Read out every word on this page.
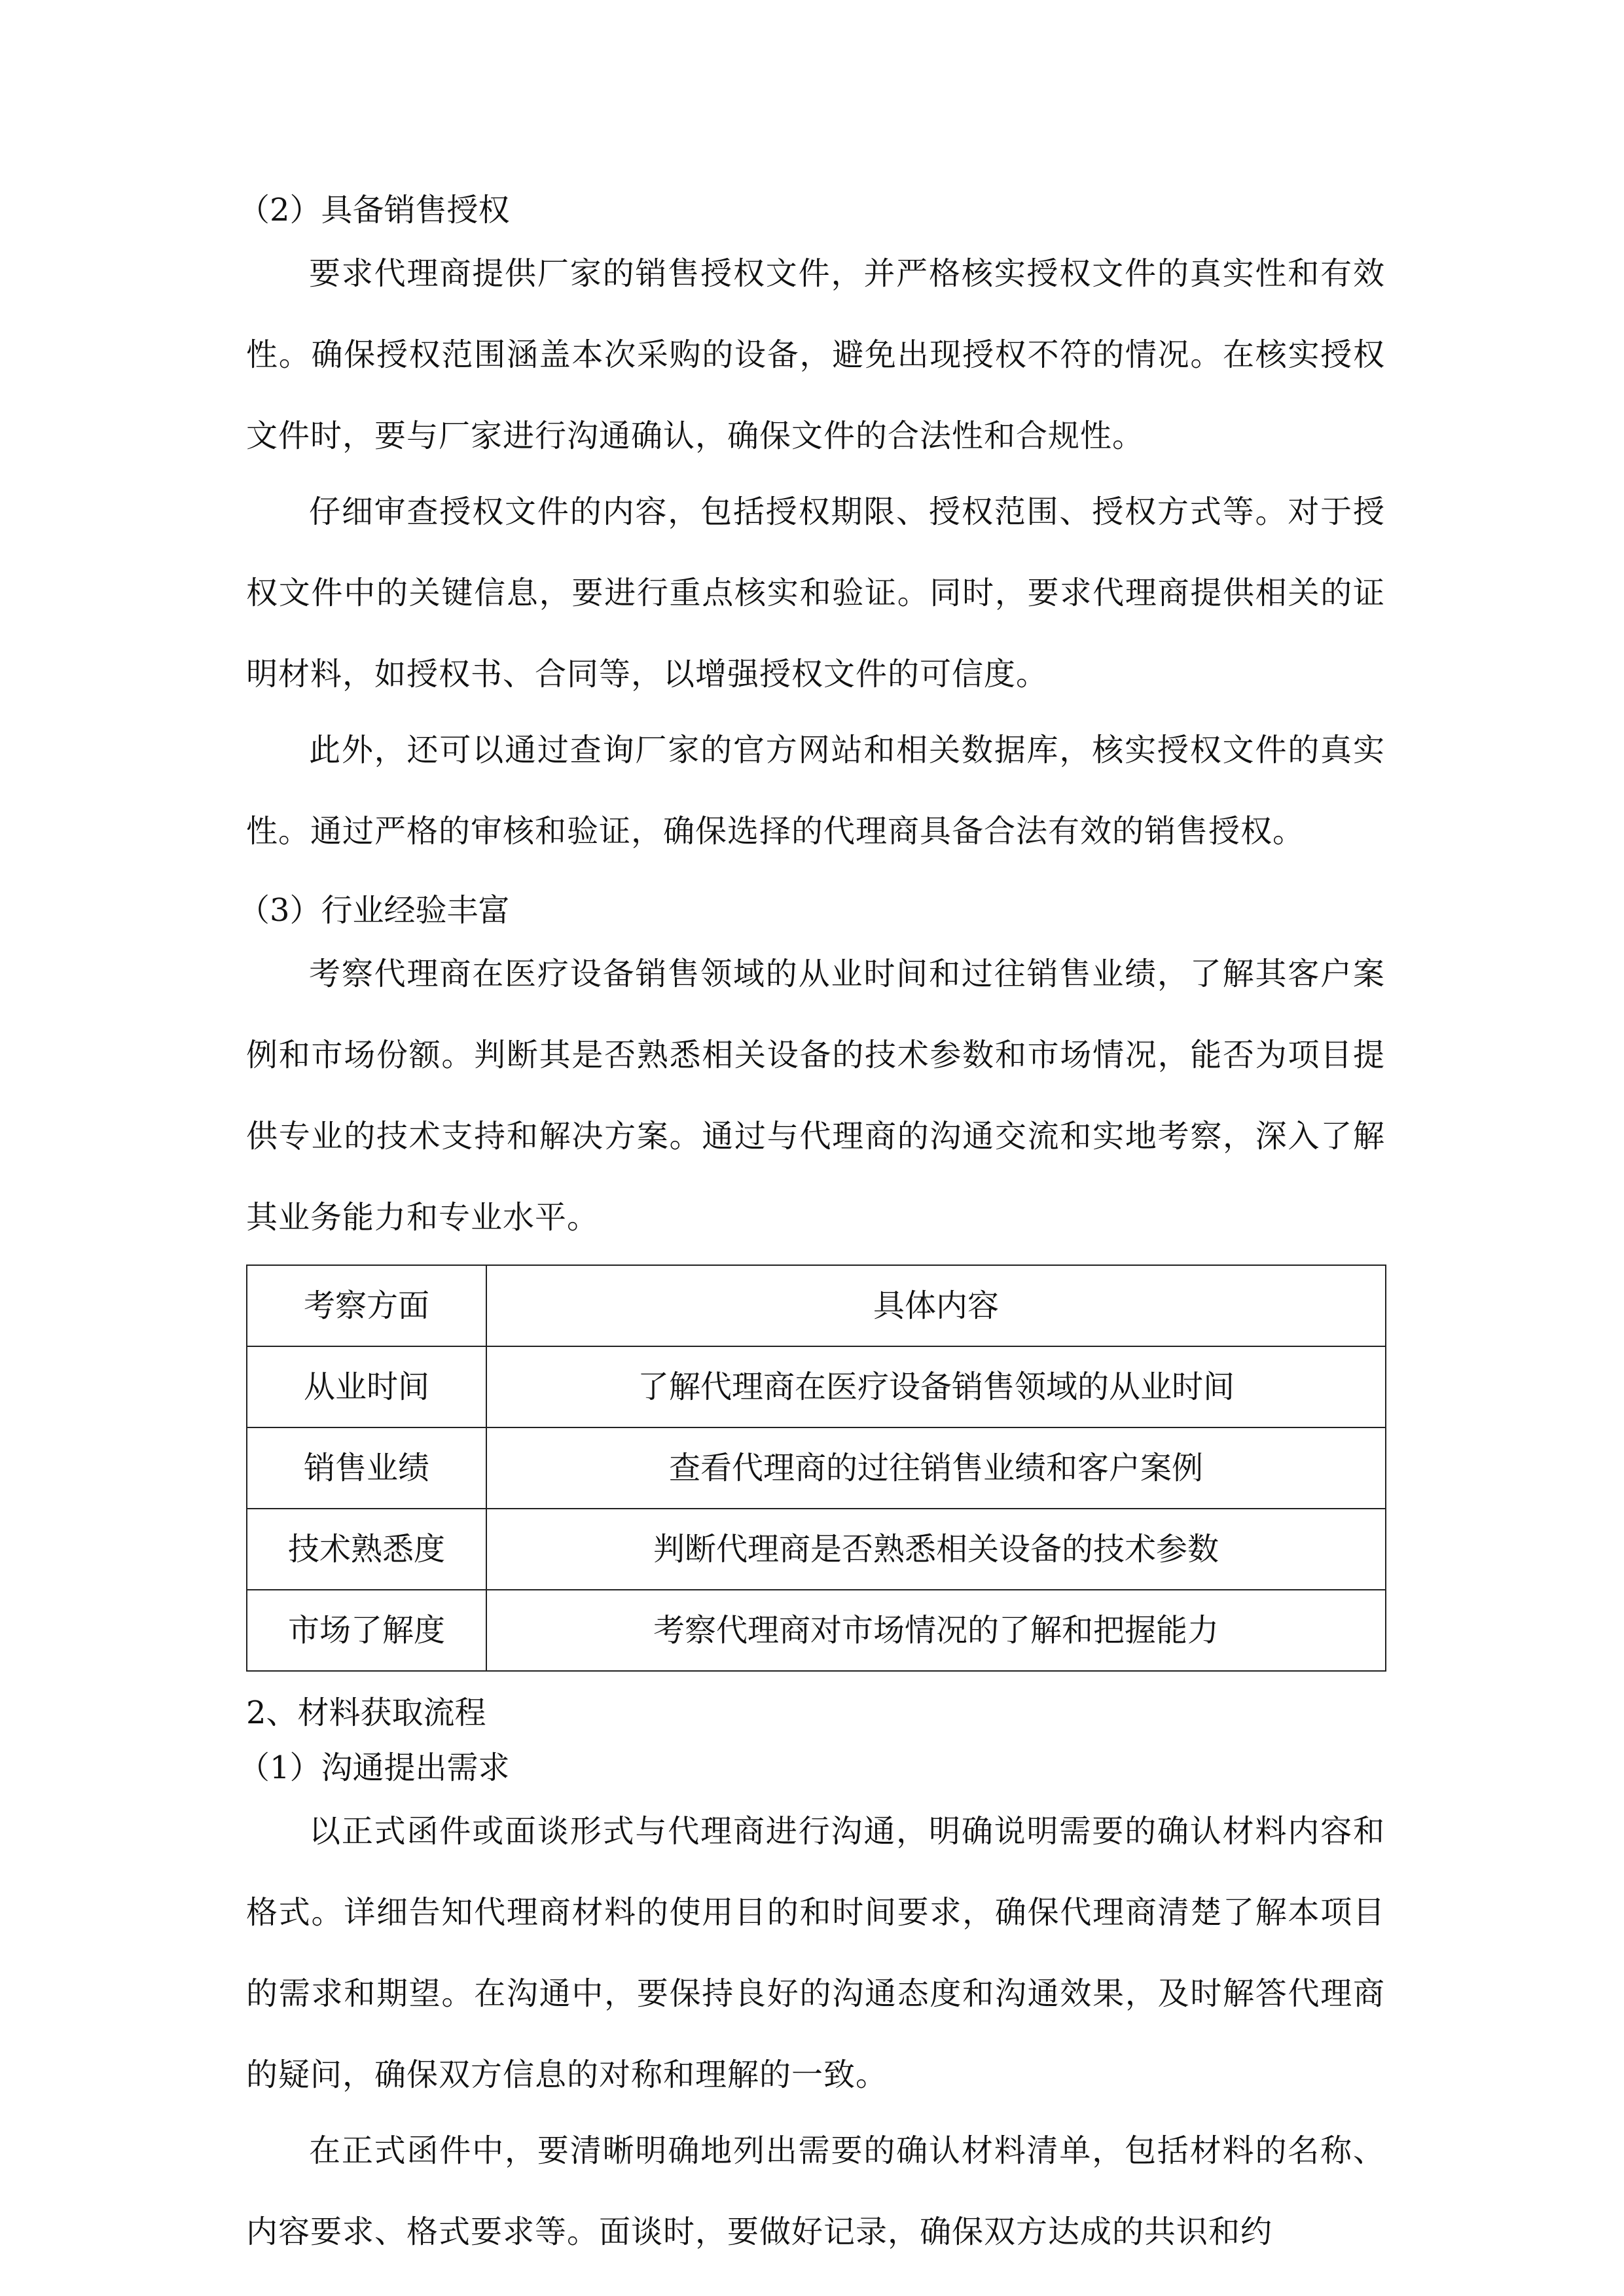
（2）具备销售授权

要求代理商提供厂家的销售授权文件，并严格核实授权文件的真实性和有效性。确保授权范围涵盖本次采购的设备，避免出现授权不符的情况。在核实授权文件时，要与厂家进行沟通确认，确保文件的合法性和合规性。

仔细审查授权文件的内容，包括授权期限、授权范围、授权方式等。对于授权文件中的关键信息，要进行重点核实和验证。同时，要求代理商提供相关的证明材料，如授权书、合同等，以增强授权文件的可信度。

此外，还可以通过查询厂家的官方网站和相关数据库，核实授权文件的真实性。通过严格的审核和验证，确保选择的代理商具备合法有效的销售授权。

（3）行业经验丰富

考察代理商在医疗设备销售领域的从业时间和过往销售业绩，了解其客户案例和市场份额。判断其是否熟悉相关设备的技术参数和市场情况，能否为项目提供专业的技术支持和解决方案。通过与代理商的沟通交流和实地考察，深入了解其业务能力和专业水平。

考察方面	具体内容
从业时间	了解代理商在医疗设备销售领域的从业时间
销售业绩	查看代理商的过往销售业绩和客户案例
技术熟悉度	判断代理商是否熟悉相关设备的技术参数
市场了解度	考察代理商对市场情况的了解和把握能力
2、材料获取流程
（1）沟通提出需求

以正式函件或面谈形式与代理商进行沟通，明确说明需要的确认材料内容和格式。详细告知代理商材料的使用目的和时间要求，确保代理商清楚了解本项目的需求和期望。在沟通中，要保持良好的沟通态度和沟通效果，及时解答代理商的疑问，确保双方信息的对称和理解的一致。

在正式函件中，要清晰明确地列出需要的确认材料清单，包括材料的名称、内容要求、格式要求等。面谈时，要做好记录，确保双方达成的共识和约
